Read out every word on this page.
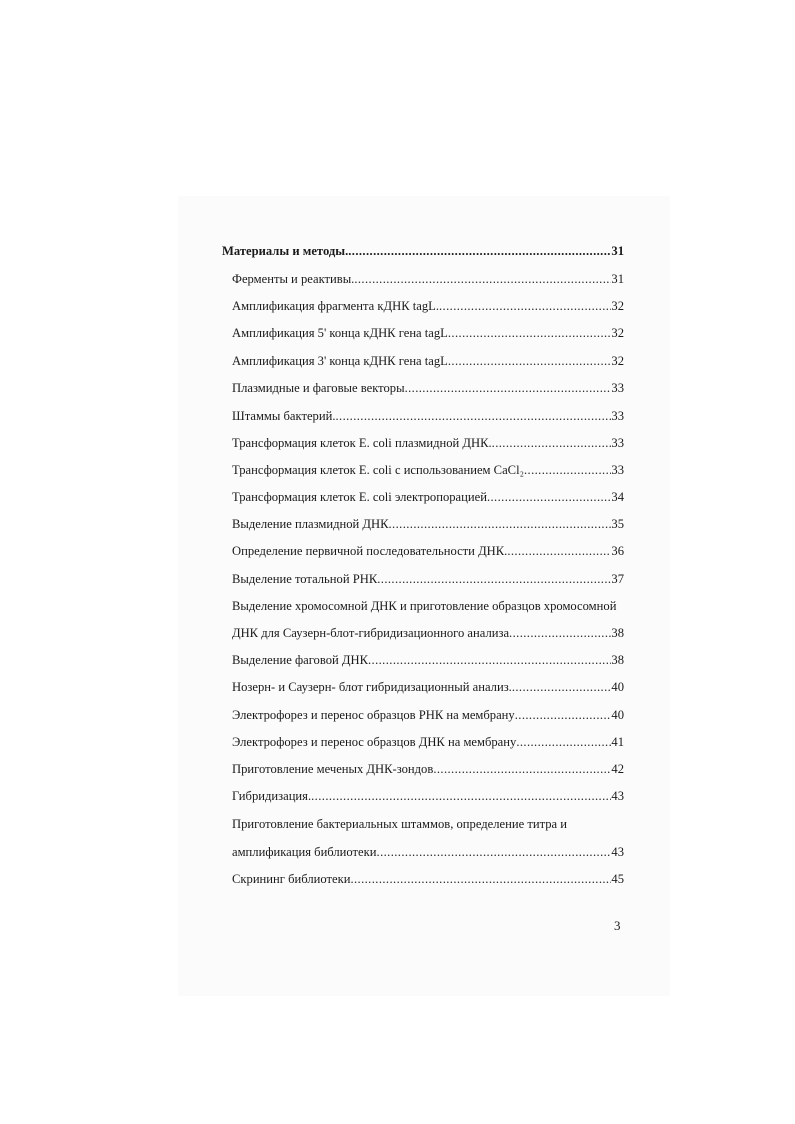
Материалы и методы. .....	31
Ферменты и реактивы. .....	31
Амплификация фрагмента кДНК tagL. .....	32
Амплификация 5' конца кДНК гена tagL .....	32
Амплификация 3' конца кДНК гена tagL .....	32
Плазмидные и фаговые векторы .....	33
Штаммы бактерий. .....	33
Трансформация клеток E. coli плазмидной ДНК. .....	33
Трансформация клеток E. coli с использованием CaCl₂ .....	33
Трансформация клеток E. coli электропорацией .....	34
Выделение плазмидной ДНК .....	35
Определение первичной последовательности ДНК. .....	36
Выделение тотальной РНК .....	37
Выделение хромосомной ДНК и приготовление образцов хромосомной
ДНК для Саузерн-блот-гибридизационного анализа .....	38
Выделение фаговой ДНК .....	38
Нозерн- и Саузерн- блот гибридизационный анализ. .....	40
Электрофорез и перенос образцов РНК на мембрану .....	40
Электрофорез и перенос образцов ДНК на мембрану .....	41
Приготовление меченых ДНК-зондов .....	42
Гибридизация. .....	43
Приготовление бактериальных штаммов, определение титра и
амплификация библиотеки .....	43
Скрининг библиотеки .....	45
3
